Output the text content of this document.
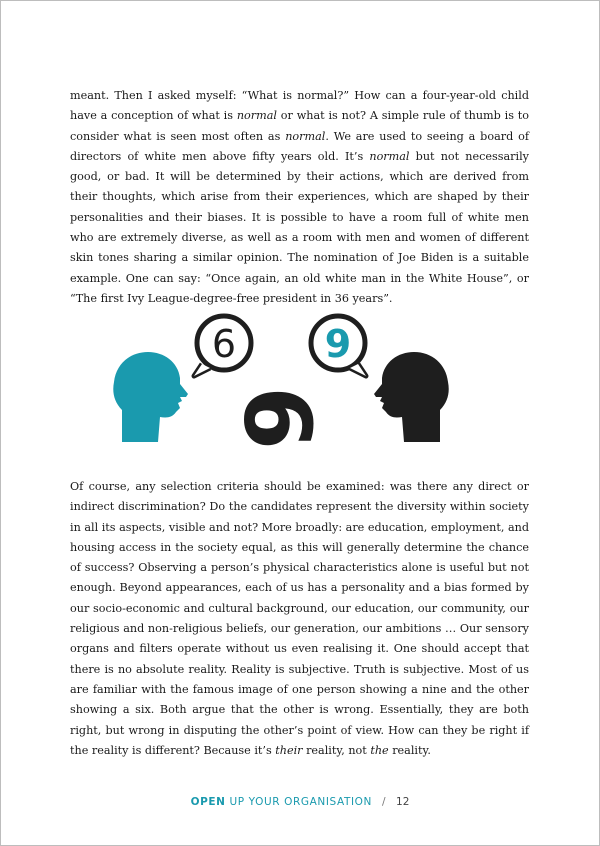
meant. Then I asked myself: “What is normal?” How can a four-year-old child have a conception of what is normal or what is not? A simple rule of thumb is to consider what is seen most often as normal. We are used to seeing a board of directors of white men above fifty years old. It’s normal but not necessarily good, or bad. It will be determined by their actions, which are derived from their thoughts, which arise from their experiences, which are shaped by their personalities and their biases. It is possible to have a room full of white men who are extremely diverse, as well as a room with men and women of different skin tones sharing a similar opinion. The nomination of Joe Biden is a suitable example. One can say: “Once again, an old white man in the White House”, or “The first Ivy League-degree-free president in 36 years”.

6 9
9

Of course, any selection criteria should be examined: was there any direct or indirect discrimination? Do the candidates represent the diversity within society in all its aspects, visible and not? More broadly: are education, employment, and housing access in the society equal, as this will generally determine the chance of success? Observing a person’s physical characteristics alone is useful but not enough. Beyond appearances, each of us has a personality and a bias formed by our socio-economic and cultural background, our education, our community, our religious and non-religious beliefs, our generation, our ambitions … Our sensory organs and filters operate without us even realising it. One should accept that there is no absolute reality. Reality is subjective. Truth is subjective. Most of us are familiar with the famous image of one person showing a nine and the other showing a six. Both argue that the other is wrong. Essentially, they are both right, but wrong in disputing the other’s point of view. How can they be right if the reality is different? Because it’s their reality, not the reality.

OPEN UP YOUR ORGANISATION / 12
